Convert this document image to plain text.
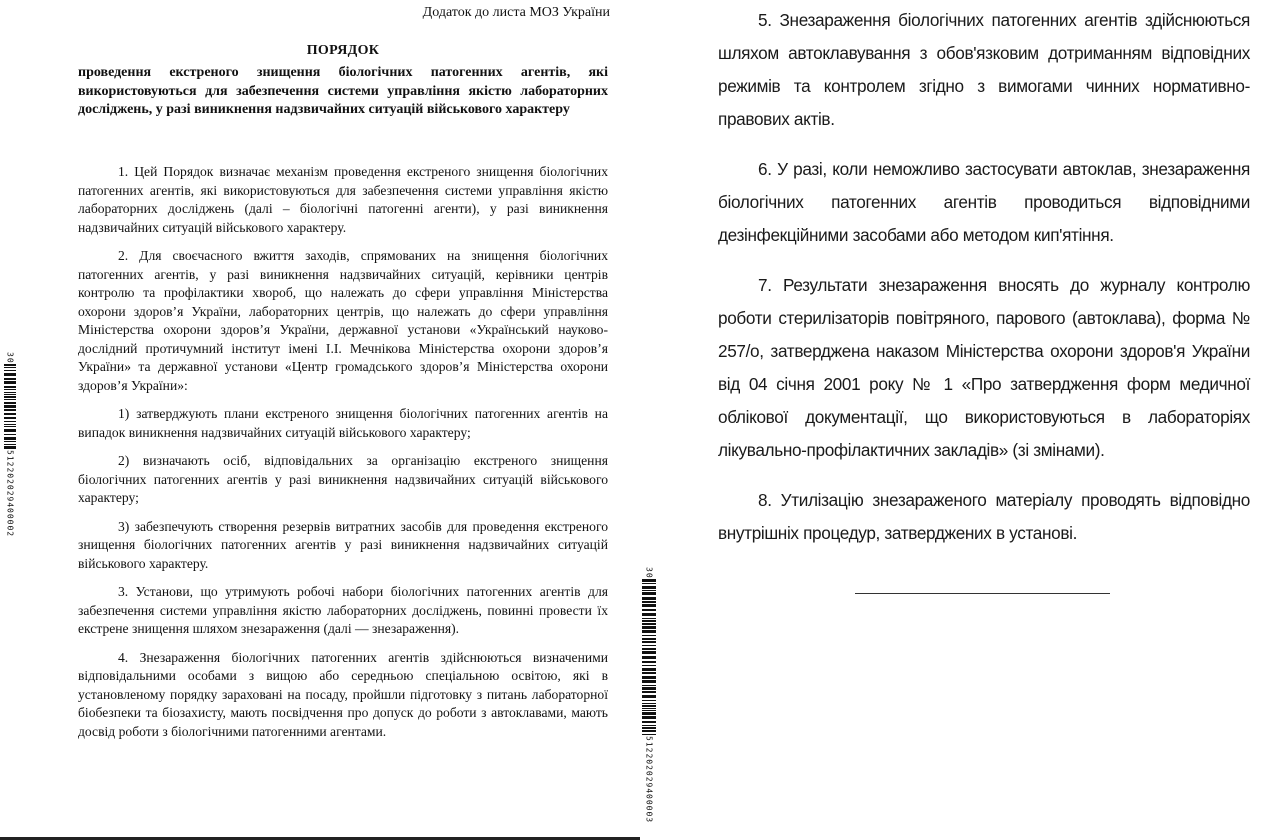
Додаток до листа МОЗ України
ПОРЯДОК
проведення екстреного знищення біологічних патогенних агентів, які використовуються для забезпечення системи управління якістю лабораторних досліджень, у разі виникнення надзвичайних ситуацій військового характеру

1. Цей Порядок визначає механізм проведення екстреного знищення біологічних патогенних агентів, які використовуються для забезпечення системи управління якістю лабораторних досліджень (далі – біологічні патогенні агенти), у разі виникнення надзвичайних ситуацій військового характеру.

2. Для своєчасного вжиття заходів, спрямованих на знищення біологічних патогенних агентів, у разі виникнення надзвичайних ситуацій, керівники центрів контролю та профілактики хвороб, що належать до сфери управління Міністерства охорони здоров’я України, лабораторних центрів, що належать до сфери управління Міністерства охорони здоров’я України, державної установи «Український науково-дослідний протичумний інститут імені І.І. Мечнікова Міністерства охорони здоров’я України» та державної установи «Центр громадського здоров’я Міністерства охорони здоров’я України»:

1) затверджують плани екстреного знищення біологічних патогенних агентів на випадок виникнення надзвичайних ситуацій військового характеру;

2) визначають осіб, відповідальних за організацію екстреного знищення біологічних патогенних агентів у разі виникнення надзвичайних ситуацій військового характеру;

3) забезпечують створення резервів витратних засобів для проведення екстреного знищення біологічних патогенних агентів у разі виникнення надзвичайних ситуацій військового характеру.

3. Установи, що утримують робочі набори біологічних патогенних агентів для забезпечення системи управління якістю лабораторних досліджень, повинні провести їх екстрене знищення шляхом знезараження (далі — знезараження).

4. Знезараження біологічних патогенних агентів здійснюються визначеними відповідальними особами з вищою або середньою спеціальною освітою, які в установленому порядку зараховані на посаду, пройшли підготовку з питань лабораторної біобезпеки та біозахисту, мають посвідчення про допуск до роботи з автоклавами, мають досвід роботи з біологічними патогенними агентами.

5. Знезараження біологічних патогенних агентів здійснюються шляхом автоклавування з обов'язковим дотриманням відповідних режимів та контролем згідно з вимогами чинних нормативно-правових актів.

6. У разі, коли неможливо застосувати автоклав, знезараження біологічних патогенних агентів проводиться відповідними дезінфекційними засобами або методом кип'ятіння.

7. Результати знезараження вносять до журналу контролю роботи стерилізаторів повітряного, парового (автоклава), форма № 257/о, затверджена наказом Міністерства охорони здоров'я України від 04 січня 2001 року № 1 «Про затвердження форм медичної облікової документації, що використовуються в лабораторіях лікувально-профілактичних закладів» (зі змінами).

8. Утилізацію знезараженого матеріалу проводять відповідно внутрішніх процедур, затверджених в установі.

30
5122020294
00002
30
5122020294
00003
